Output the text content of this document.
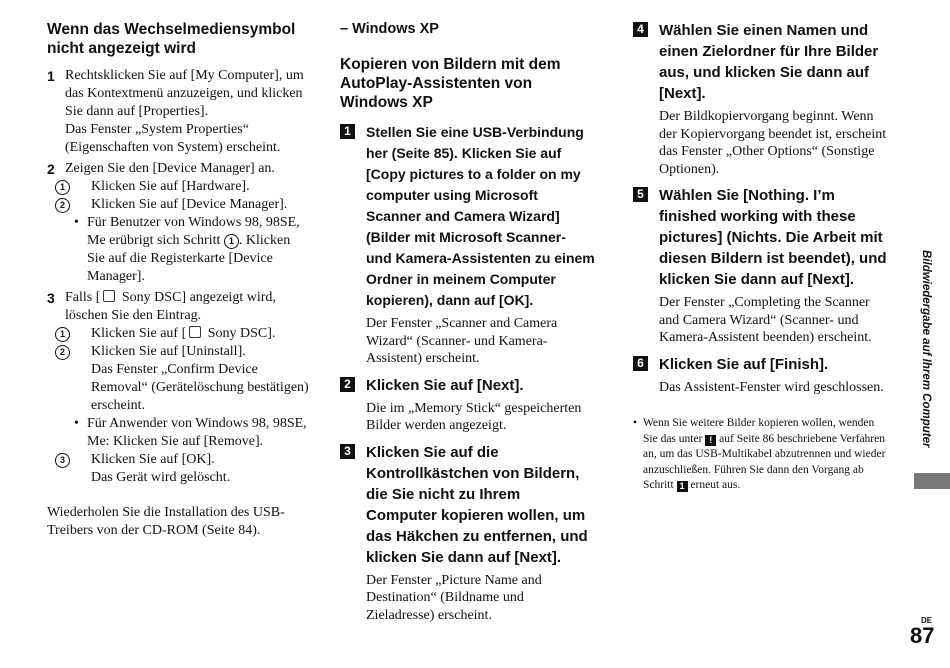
Wenn das Wechselmediensymbol nicht angezeigt wird
1 Rechtsklicken Sie auf [My Computer], um das Kontextmenü anzuzeigen, und klicken Sie dann auf [Properties].
Das Fenster „System Properties“ (Eigenschaften von System) erscheint.
2 Zeigen Sie den [Device Manager] an.
1	Klicken Sie auf [Hardware].
2	Klicken Sie auf [Device Manager].
• Für Benutzer von Windows 98, 98SE, Me erübrigt sich Schritt 1 . Klicken Sie auf die Registerkarte [Device Manager].
3 Falls [ Sony DSC] angezeigt wird, löschen Sie den Eintrag.
1	Klicken Sie auf [ Sony DSC].
2	Klicken Sie auf [Uninstall].
Das Fenster „Confirm Device Removal“ (Gerätelöschung bestätigen) erscheint.
• Für Anwender von Windows 98, 98SE, Me: Klicken Sie auf [Remove].
3	Klicken Sie auf [OK].
Das Gerät wird gelöscht.
Wiederholen Sie die Installation des USB-Treibers von der CD-ROM (Seite 84).
– Windows XP
Kopieren von Bildern mit dem AutoPlay-Assistenten von Windows XP
1 Stellen Sie eine USB-Verbindung her (Seite 85). Klicken Sie auf [Copy pictures to a folder on my computer using Microsoft Scanner and Camera Wizard] (Bilder mit Microsoft Scanner- und Kamera-Assistenten zu einem Ordner in meinem Computer kopieren), dann auf [OK].
Der Fenster „Scanner and Camera Wizard“ (Scanner- und Kamera-Assistent) erscheint.
2 Klicken Sie auf [Next].
Die im „Memory Stick“ gespeicherten Bilder werden angezeigt.
3 Klicken Sie auf die Kontrollkästchen von Bildern, die Sie nicht zu Ihrem Computer kopieren wollen, um das Häkchen zu entfernen, und klicken Sie dann auf [Next].
Der Fenster „Picture Name and Destination“ (Bildname und Zieladresse) erscheint.
4 Wählen Sie einen Namen und einen Zielordner für Ihre Bilder aus, und klicken Sie dann auf [Next].
Der Bildkopiervorgang beginnt. Wenn der Kopiervorgang beendet ist, erscheint das Fenster „Other Options“ (Sonstige Optionen).
5 Wählen Sie [Nothing. I’m finished working with these pictures] (Nichts. Die Arbeit mit diesen Bildern ist beendet), und klicken Sie dann auf [Next].
Der Fenster „Completing the Scanner and Camera Wizard“ (Scanner- und Kamera-Assistent beenden) erscheint.
6 Klicken Sie auf [Finish].
Das Assistent-Fenster wird geschlossen.
• Wenn Sie weitere Bilder kopieren wollen, wenden Sie das unter ! auf Seite 86 beschriebene Verfahren an, um das USB-Multikabel abzutrennen und wieder anzuschließen. Führen Sie dann den Vorgang ab Schritt 1 erneut aus.
Bildwiedergabe auf Ihrem Computer
DE
87
